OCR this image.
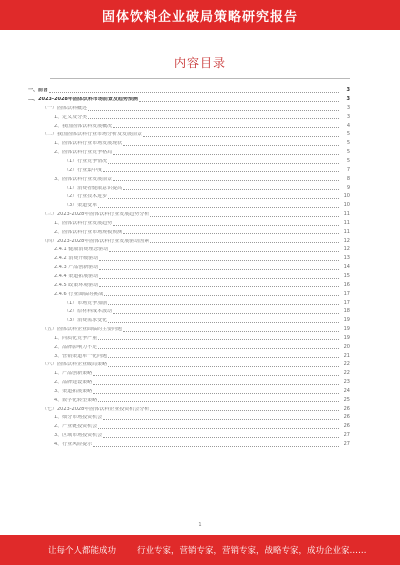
固体饮料企业破局策略研究报告
内容目录
一、前言	3
二、2023-2028年固体饮料市场前景及趋势预测	3
（一）固体饮料概述	3
1、定义及分类	3
2、我国固体饮料发展概况	4
（二）我国固体饮料行业市场分析及发展前景	5
1、固体饮料行业市场发展现状	5
2、固体饮料行业竞争格局	5
（1）行业竞争情况	5
（2）行业集中度	7
3、固体饮料行业发展前景	8
（1）消费者健康意识提高	9
（2）行业技术进步	10
（3）渠道变革	10
（三）2023-2028年固体饮料行业发展趋势分析	11
1、固体饮料行业发展趋势	11
2、固体饮料行业市场规模预测	11
（四）2023-2028年固体饮料行业发展驱动因素	12
2.4.1 健康消费理念驱动	12
2.4.2 消费升级驱动	13
2.4.3 产品创新驱动	14
2.4.4 渠道拓展驱动	15
2.4.5 政策环境驱动	16
2.4.6 行业面临的挑战	17
（1）市场竞争加剧	17
（2）原材料成本波动	18
（3）消费需求变化	19
（五）固体饮料企业面临的主要问题	19
1、同质化竞争严重	19
2、品牌影响力不足	20
3、营销渠道单一化问题	21
（六）固体饮料企业破局策略	22
1、产品创新策略	22
2、品牌建设策略	23
3、渠道拓展策略	24
4、数字化转型策略	25
（七）2023-2028年固体饮料企业投资机会分析	26
1、细分市场投资机会	26
2、产业链投资机会	26
3、区域市场投资机会	27
4、行业风险提示	27
1
让每个人都能成功 行业专家，营销专家，营销专家，战略专家，成功企业家……
